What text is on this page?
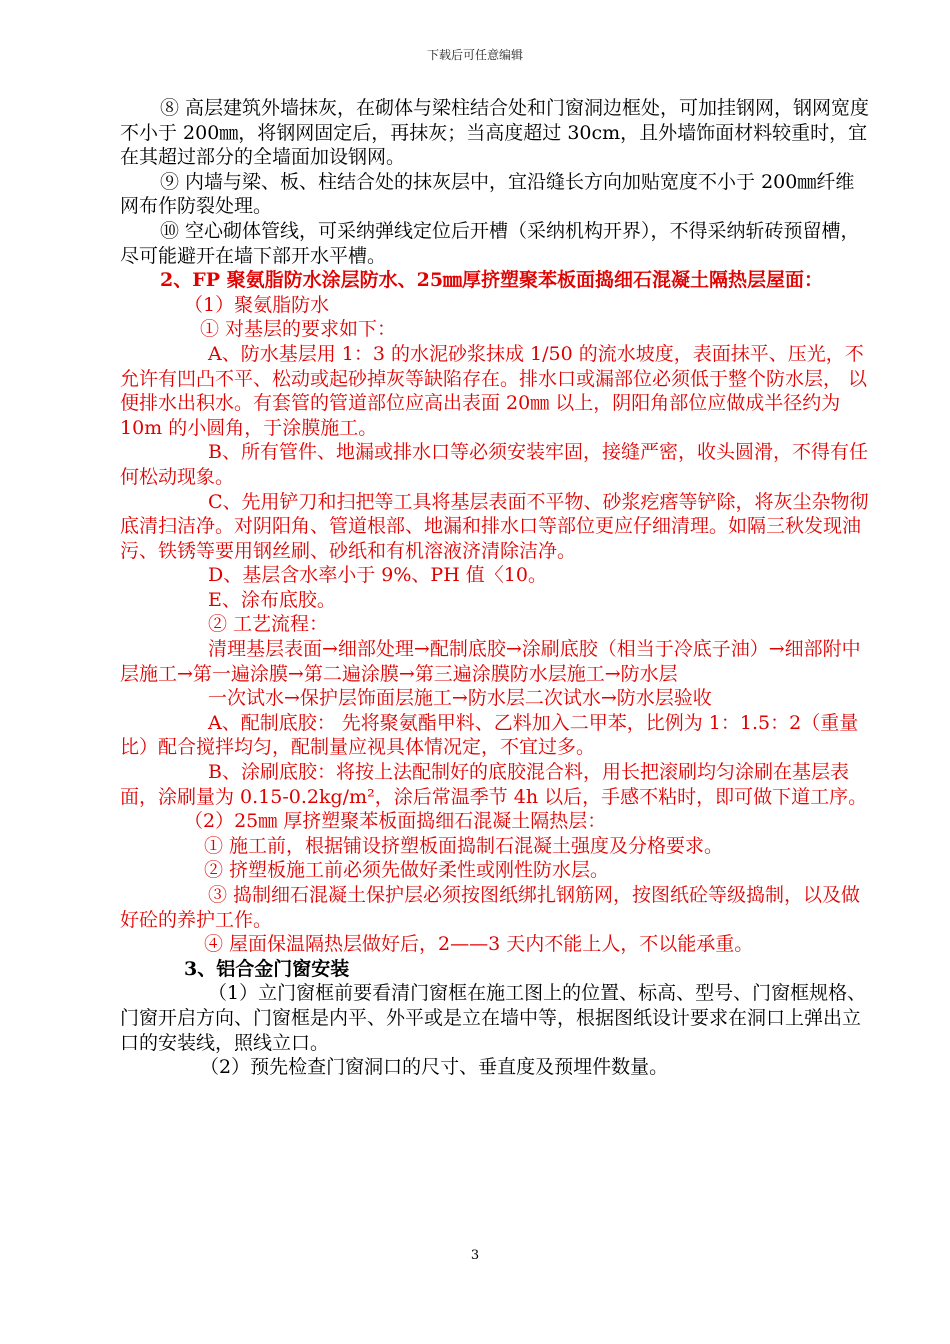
下载后可任意编辑

⑧ 高层建筑外墙抹灰，在砌体与梁柱结合处和门窗洞边框处，可加挂钢网，钢网宽度不小于 200㎜，将钢网固定后，再抹灰；当高度超过 30cm，且外墙饰面材料较重时，宜在其超过部分的全墙面加设钢网。

⑨ 内墙与梁、板、柱结合处的抹灰层中，宜沿缝长方向加贴宽度不小于 200㎜纤维网布作防裂处理。

⑩ 空心砌体管线，可采纳弹线定位后开槽（采纳机构开界），不得采纳斩砖预留槽，尽可能避开在墙下部开水平槽。

2、FP 聚氨脂防水涂层防水、25㎜厚挤塑聚苯板面捣细石混凝土隔热层屋面：

（1）聚氨脂防水

① 对基层的要求如下：

A、防水基层用 1：3 的水泥砂浆抹成 1/50 的流水坡度，表面抹平、压光，不允许有凹凸不平、松动或起砂掉灰等缺陷存在。排水口或漏部位必须低于整个防水层， 以便排水出积水。有套管的管道部位应高出表面 20㎜ 以上，阴阳角部位应做成半径约为 10m 的小圆角，于涂膜施工。

B、所有管件、地漏或排水口等必须安装牢固，接缝严密，收头圆滑，不得有任何松动现象。

C、先用铲刀和扫把等工具将基层表面不平物、砂浆疙瘩等铲除，将灰尘杂物彻底清扫洁净。对阴阳角、管道根部、地漏和排水口等部位更应仔细清理。如隔三秋发现油污、铁锈等要用钢丝刷、砂纸和有机溶液济清除洁净。

D、基层含水率小于 9%、PH 值〈10。

E、涂布底胶。

② 工艺流程：

清理基层表面→细部处理→配制底胶→涂刷底胶（相当于冷底子油）→细部附中层施工→第一遍涂膜→第二遍涂膜→第三遍涂膜防水层施工→防水层

一次试水→保护层饰面层施工→防水层二次试水→防水层验收

A、配制底胶： 先将聚氨酯甲料、乙料加入二甲苯，比例为 1：1.5：2（重量比）配合搅拌均匀，配制量应视具体情况定，不宜过多。

B、涂刷底胶：将按上法配制好的底胶混合料，用长把滚刷均匀涂刷在基层表面，涂刷量为 0.15-0.2kg/m²，涂后常温季节 4h 以后，手感不粘时，即可做下道工序。

（2）25㎜ 厚挤塑聚苯板面捣细石混凝土隔热层：

① 施工前，根据铺设挤塑板面捣制石混凝土强度及分格要求。

② 挤塑板施工前必须先做好柔性或刚性防水层。

③ 捣制细石混凝土保护层必须按图纸绑扎钢筋网，按图纸砼等级捣制，以及做好砼的养护工作。

④ 屋面保温隔热层做好后，2——3 天内不能上人，不以能承重。

3、铝合金门窗安装

（1）立门窗框前要看清门窗框在施工图上的位置、标高、型号、门窗框规格、门窗开启方向、门窗框是内平、外平或是立在墙中等，根据图纸设计要求在洞口上弹出立口的安装线，照线立口。

（2）预先检查门窗洞口的尺寸、垂直度及预埋件数量。

3
